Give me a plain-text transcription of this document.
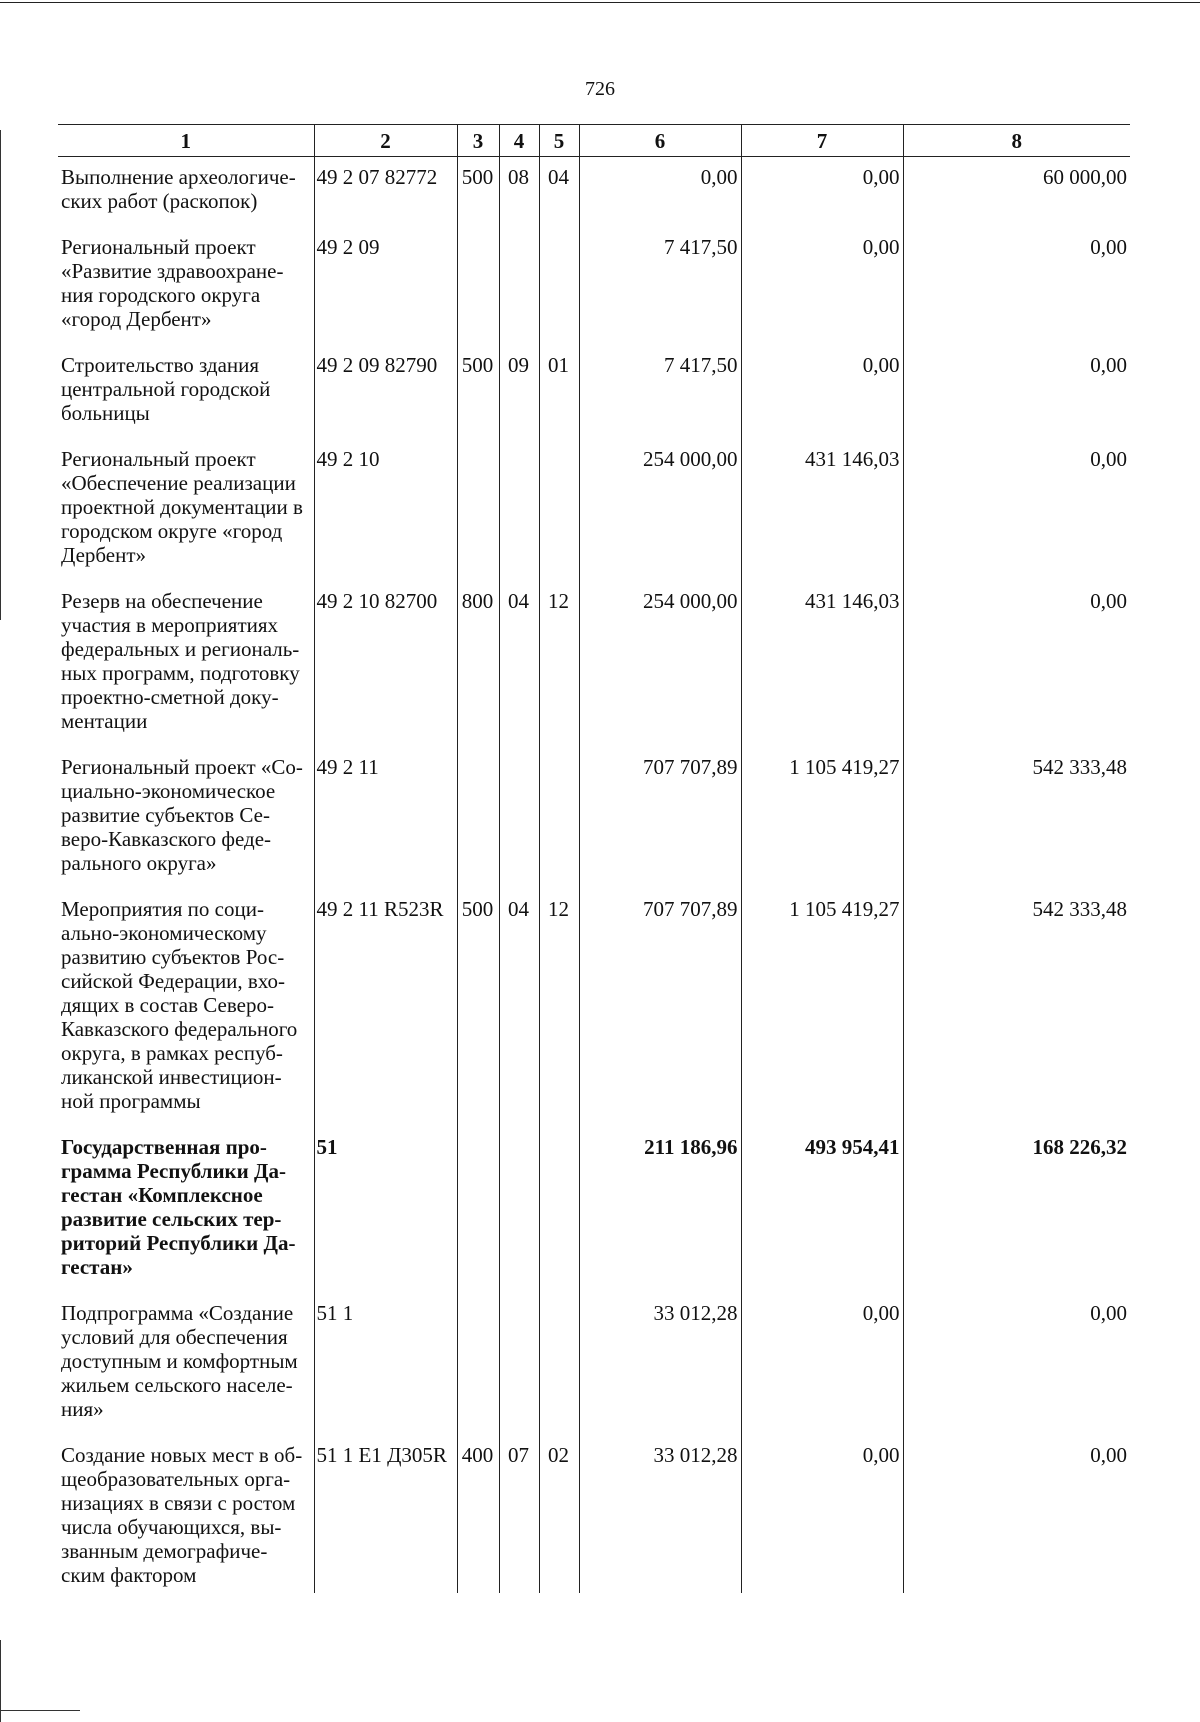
726
1	2	3	4	5	6	7	8
Выполнение археологиче-ских работ (раскопок)	49 2 07 82772	500	08	04	0,00	0,00	60 000,00
Региональный проект «Развитие здравоохране-ния городского округа «город Дербент»	49 2 09				7 417,50	0,00	0,00
Строительство здания центральной городской больницы	49 2 09 82790	500	09	01	7 417,50	0,00	0,00
Региональный проект «Обеспечение реализации проектной документации в городском округе «город Дербент»	49 2 10				254 000,00	431 146,03	0,00
Резерв на обеспечение участия в мероприятиях федеральных и региональ-ных программ, подготовку проектно-сметной доку-ментации	49 2 10 82700	800	04	12	254 000,00	431 146,03	0,00
Региональный проект «Со-циально-экономическое развитие субъектов Се-веро-Кавказского феде-рального округа»	49 2 11				707 707,89	1 105 419,27	542 333,48
Мероприятия по соци-ально-экономическому развитию субъектов Рос-сийской Федерации, вхо-дящих в состав Северо-Кавказского федерального округа, в рамках респуб-ликанской инвестицион-ной программы	49 2 11 R523R	500	04	12	707 707,89	1 105 419,27	542 333,48
Государственная про-грамма Республики Да-гестан «Комплексное развитие сельских тер-риторий Республики Да-гестан»	51				211 186,96	493 954,41	168 226,32
Подпрограмма «Создание условий для обеспечения доступным и комфортным жильем сельского населе-ния»	51 1				33 012,28	0,00	0,00
Создание новых мест в об-щеобразовательных орга-низациях в связи с ростом числа обучающихся, вы-званным демографиче-ским фактором	51 1 E1 Д305R	400	07	02	33 012,28	0,00	0,00
